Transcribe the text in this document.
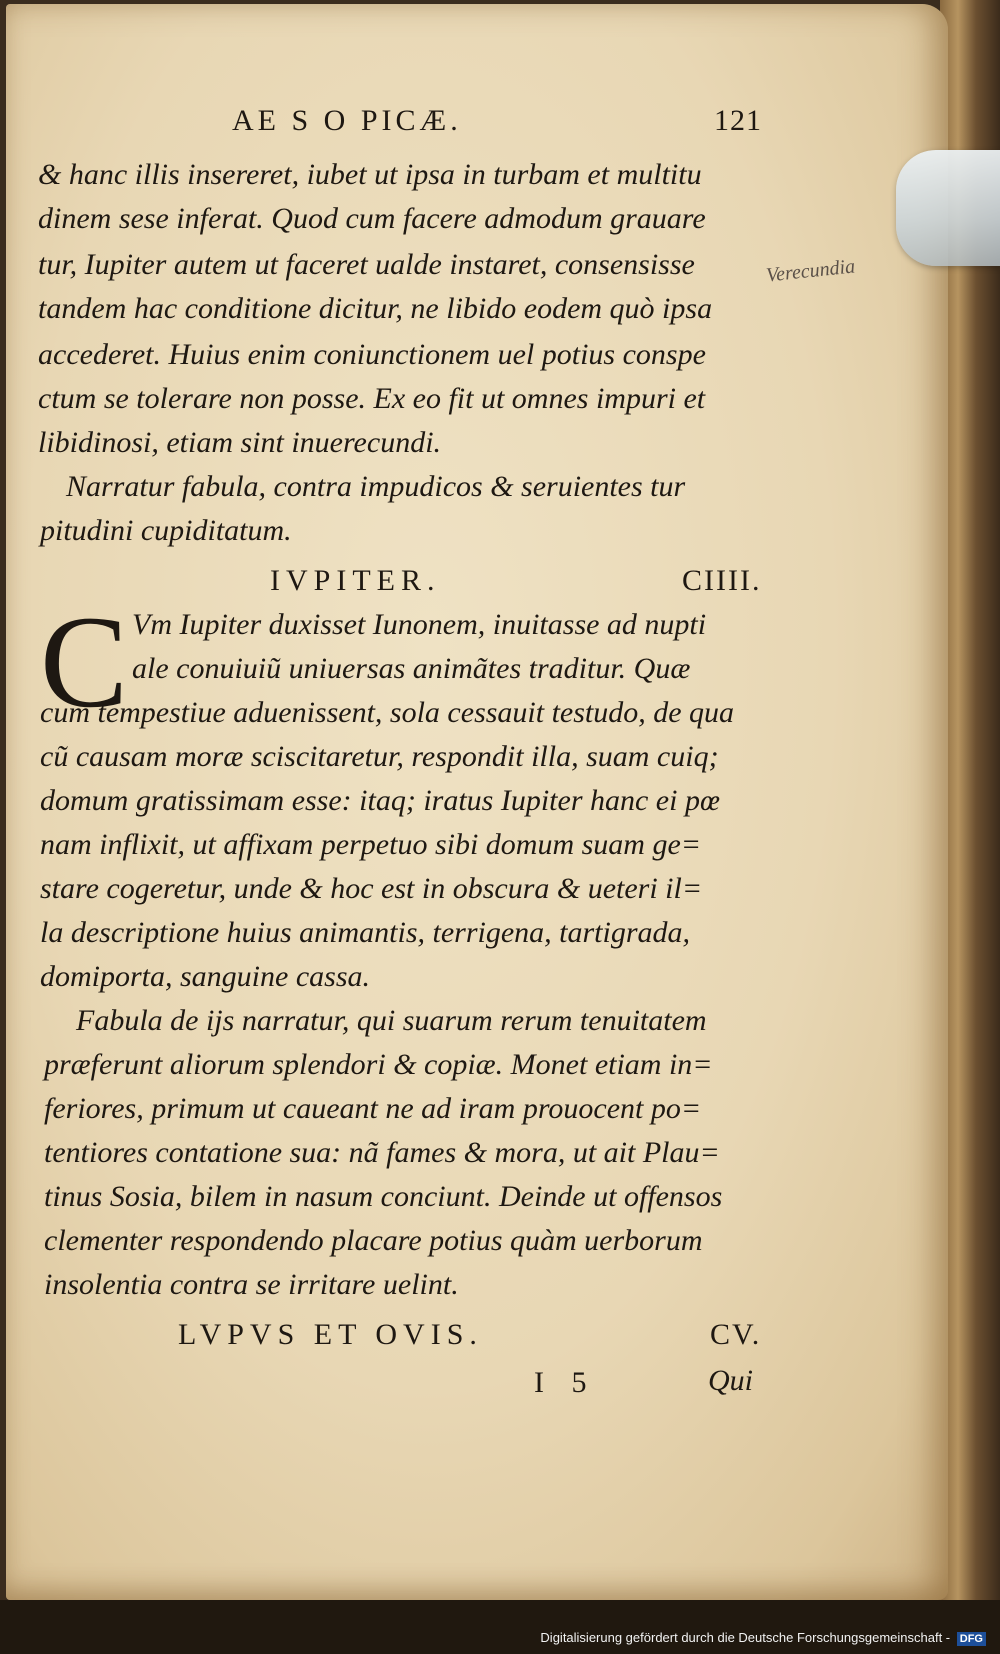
AE S O PICÆ.	121
& hanc illis insereret, iubet ut ipsa in turbam et multitu
dinem sese inferat. Quod cum facere admodum grauare
tur, Iupiter autem ut faceret ualde instaret, consensisse
tandem hac conditione dicitur, ne libido eodem quò ipsa
accederet. Huius enim coniunctionem uel potius conspe
ctum se tolerare non posse. Ex eo fit ut omnes impuri et
libidinosi, etiam sint inuerecundi.
Verecundia
Narratur fabula, contra impudicos & seruientes tur
pitudini cupiditatum.
IVPITER.	CIIII.
C Vm Iupiter duxisset Iunonem, inuitasse ad nupti
ale conuiuiũ uniuersas animãtes traditur. Quæ
cum tempestiue aduenissent, sola cessauit testudo, de qua
cũ causam moræ sciscitaretur, respondit illa, suam cuiq;
domum gratissimam esse: itaq; iratus Iupiter hanc ei pœ
nam inflixit, ut affixam perpetuo sibi domum suam ge=
stare cogeretur, unde & hoc est in obscura & ueteri il=
la descriptione huius animantis, terrigena, tartigrada,
domiporta, sanguine cassa.
Fabula de ijs narratur, qui suarum rerum tenuitatem
præferunt aliorum splendori & copiæ. Monet etiam in=
feriores, primum ut caueant ne ad iram prouocent po=
tentiores contatione sua: nã fames & mora, ut ait Plau=
tinus Sosia, bilem in nasum conciunt. Deinde ut offensos
clementer respondendo placare potius quàm uerborum
insolentia contra se irritare uelint.
LVPVS ET OVIS.	CV.
I 5	Qui
Digitalisierung gefördert durch die Deutsche Forschungsgemeinschaft - DFG
